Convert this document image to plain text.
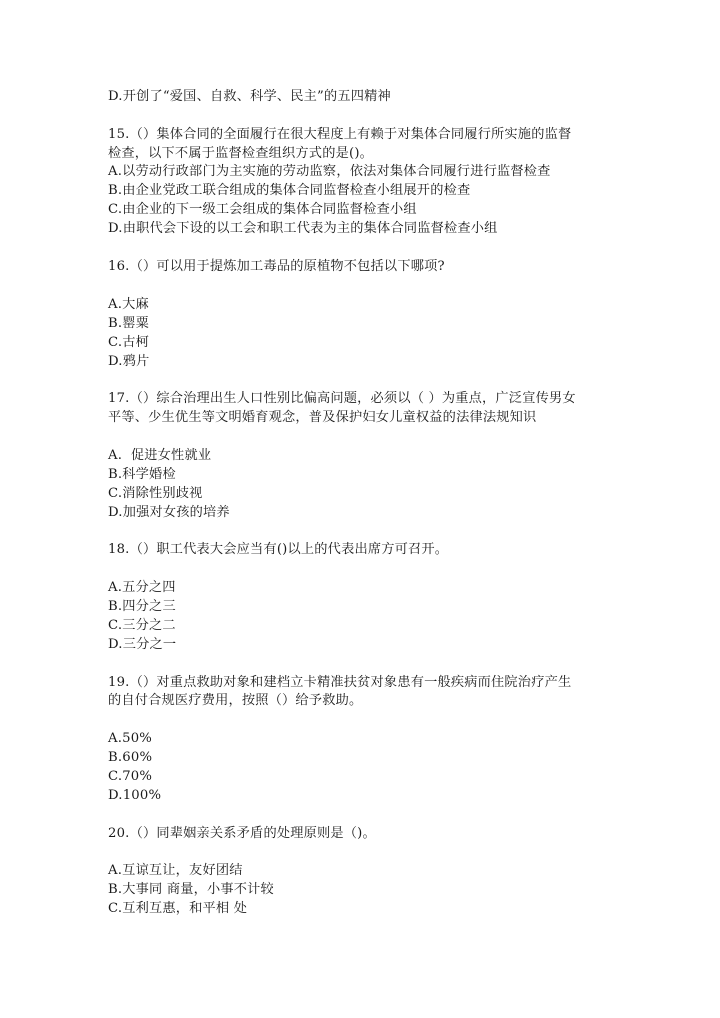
D.开创了“爱国、自救、科学、民主”的五四精神
15.（）集体合同的全面履行在很大程度上有赖于对集体合同履行所实施的监督
检查，以下不属于监督检查组织方式的是()。
A.以劳动行政部门为主实施的劳动监察，依法对集体合同履行进行监督检查
B.由企业党政工联合组成的集体合同监督检查小组展开的检查
C.由企业的下一级工会组成的集体合同监督检查小组
D.由职代会下设的以工会和职工代表为主的集体合同监督检查小组
16.（）可以用于提炼加工毒品的原植物不包括以下哪项?
A.大麻
B.罂粟
C.古柯
D.鸦片
17.（）综合治理出生人口性别比偏高问题，必须以（ ）为重点，广泛宣传男女
平等、少生优生等文明婚育观念，普及保护妇女儿童权益的法律法规知识
A.  促进女性就业
B.科学婚检
C.消除性别歧视
D.加强对女孩的培养
18.（）职工代表大会应当有()以上的代表出席方可召开。
A.五分之四
B.四分之三
C.三分之二
D.三分之一
19.（）对重点救助对象和建档立卡精准扶贫对象患有一般疾病而住院治疗产生
的自付合规医疗费用，按照（）给予救助。
A.50%
B.60%
C.70%
D.100%
20.（）同辈姻亲关系矛盾的处理原则是（)。
A.互谅互让，友好团结
B.大事同 商量，小事不计较
C.互利互惠，和平相 处
